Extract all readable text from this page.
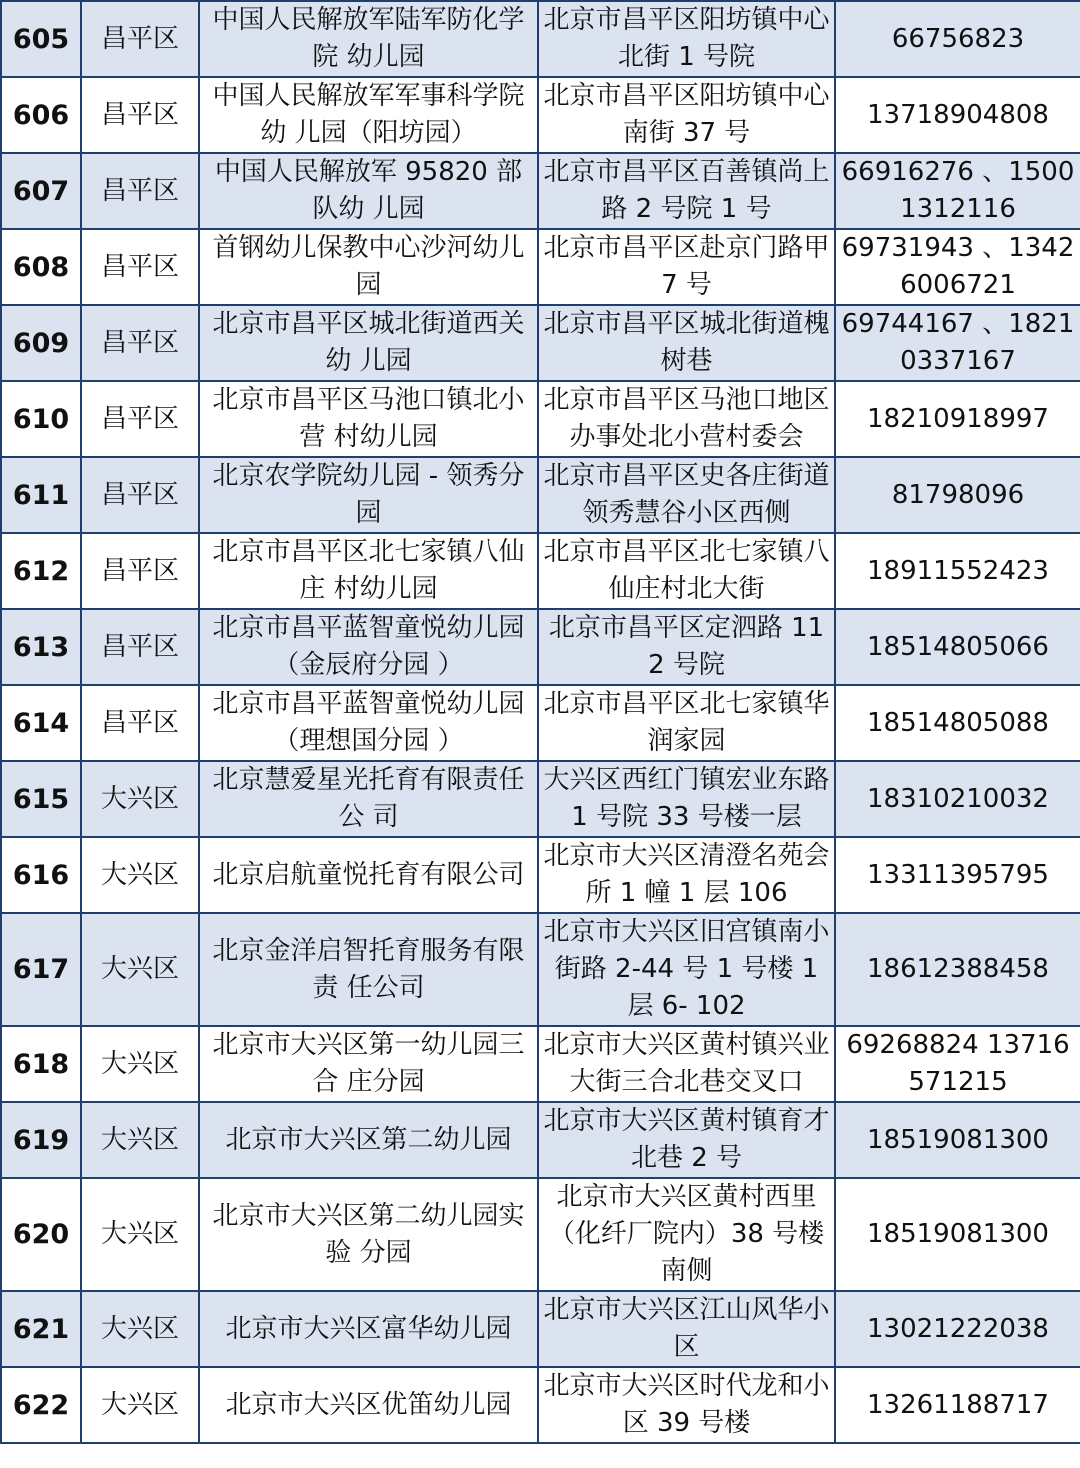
605	昌平区	中国人民解放军陆军防化学院 幼儿园	北京市昌平区阳坊镇中心北街 1 号院	66756823
606	昌平区	中国人民解放军军事科学院幼 儿园（阳坊园）	北京市昌平区阳坊镇中心南街 37 号	13718904808
607	昌平区	中国人民解放军 95820 部队幼 儿园	北京市昌平区百善镇尚上路 2 号院 1 号	66916276 、15001312116
608	昌平区	首钢幼儿保教中心沙河幼儿园	北京市昌平区赴京门路甲 7 号	69731943 、13426006721
609	昌平区	北京市昌平区城北街道西关幼 儿园	北京市昌平区城北街道槐树巷	69744167 、18210337167
610	昌平区	北京市昌平区马池口镇北小营 村幼儿园	北京市昌平区马池口地区办事处北小营村委会	18210918997
611	昌平区	北京农学院幼儿园 - 领秀分 园	北京市昌平区史各庄街道领秀慧谷小区西侧	81798096
612	昌平区	北京市昌平区北七家镇八仙庄 村幼儿园	北京市昌平区北七家镇八仙庄村北大街	18911552423
613	昌平区	北京市昌平蓝智童悦幼儿园（金辰府分园 ）	北京市昌平区定泗路 112 号院	18514805066
614	昌平区	北京市昌平蓝智童悦幼儿园（理想国分园 ）	北京市昌平区北七家镇华润家园	18514805088
615	大兴区	北京慧爱星光托育有限责任公 司	大兴区西红门镇宏业东路 1 号院 33 号楼一层	18310210032
616	大兴区	北京启航童悦托育有限公司	北京市大兴区清澄名苑会所 1 幢 1 层 106	13311395795
617	大兴区	北京金洋启智托育服务有限责 任公司	北京市大兴区旧宫镇南小街路 2-44 号 1 号楼 1 层 6- 102	18612388458
618	大兴区	北京市大兴区第一幼儿园三合 庄分园	北京市大兴区黄村镇兴业大街三合北巷交叉口	69268824 13716571215
619	大兴区	北京市大兴区第二幼儿园	北京市大兴区黄村镇育才北巷 2 号	18519081300
620	大兴区	北京市大兴区第二幼儿园实验 分园	北京市大兴区黄村西里（化纤厂院内）38 号楼南侧	18519081300
621	大兴区	北京市大兴区富华幼儿园	北京市大兴区江山风华小区	13021222038
622	大兴区	北京市大兴区优笛幼儿园	北京市大兴区时代龙和小区 39 号楼	13261188717
